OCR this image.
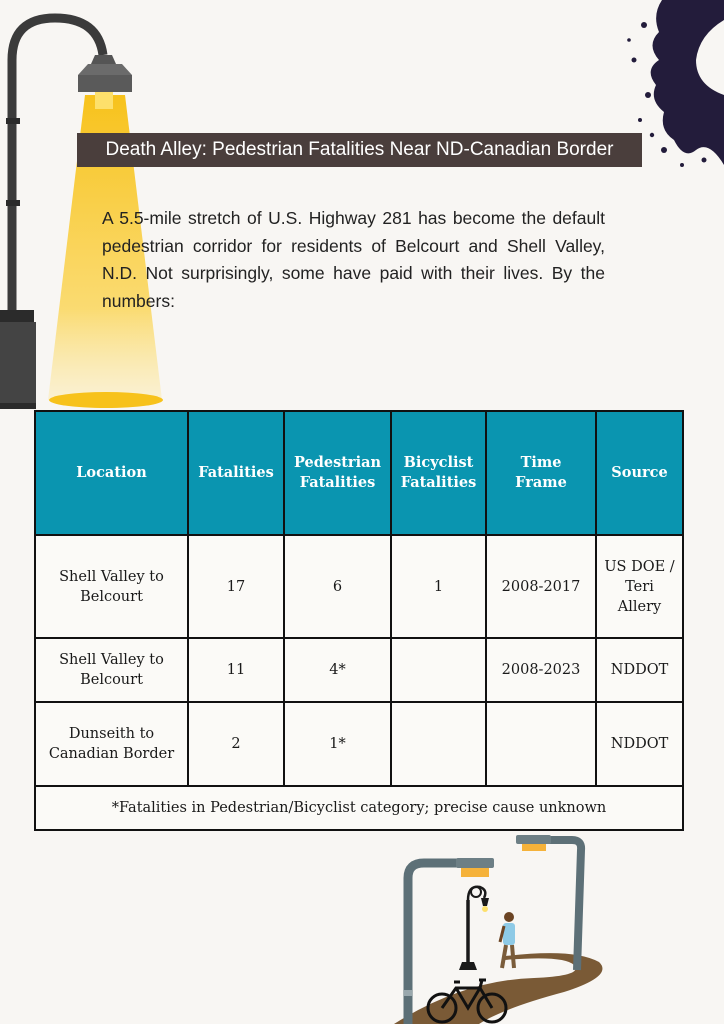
Death Alley: Pedestrian Fatalities Near ND-Canadian Border

A 5.5-mile stretch of U.S. Highway 281 has become the default pedestrian corridor for residents of Belcourt and Shell Valley, N.D. Not surprisingly, some have paid with their lives. By the numbers:

Location	Fatalities	Pedestrian Fatalities	Bicyclist Fatalities	Time Frame	Source
Shell Valley to Belcourt	17	6	1	2008-2017	US DOE / Teri Allery
Shell Valley to Belcourt	11	4*		2008-2023	NDDOT
Dunseith to Canadian Border	2	1*			NDDOT
*Fatalities in Pedestrian/Bicyclist category; precise cause unknown					
